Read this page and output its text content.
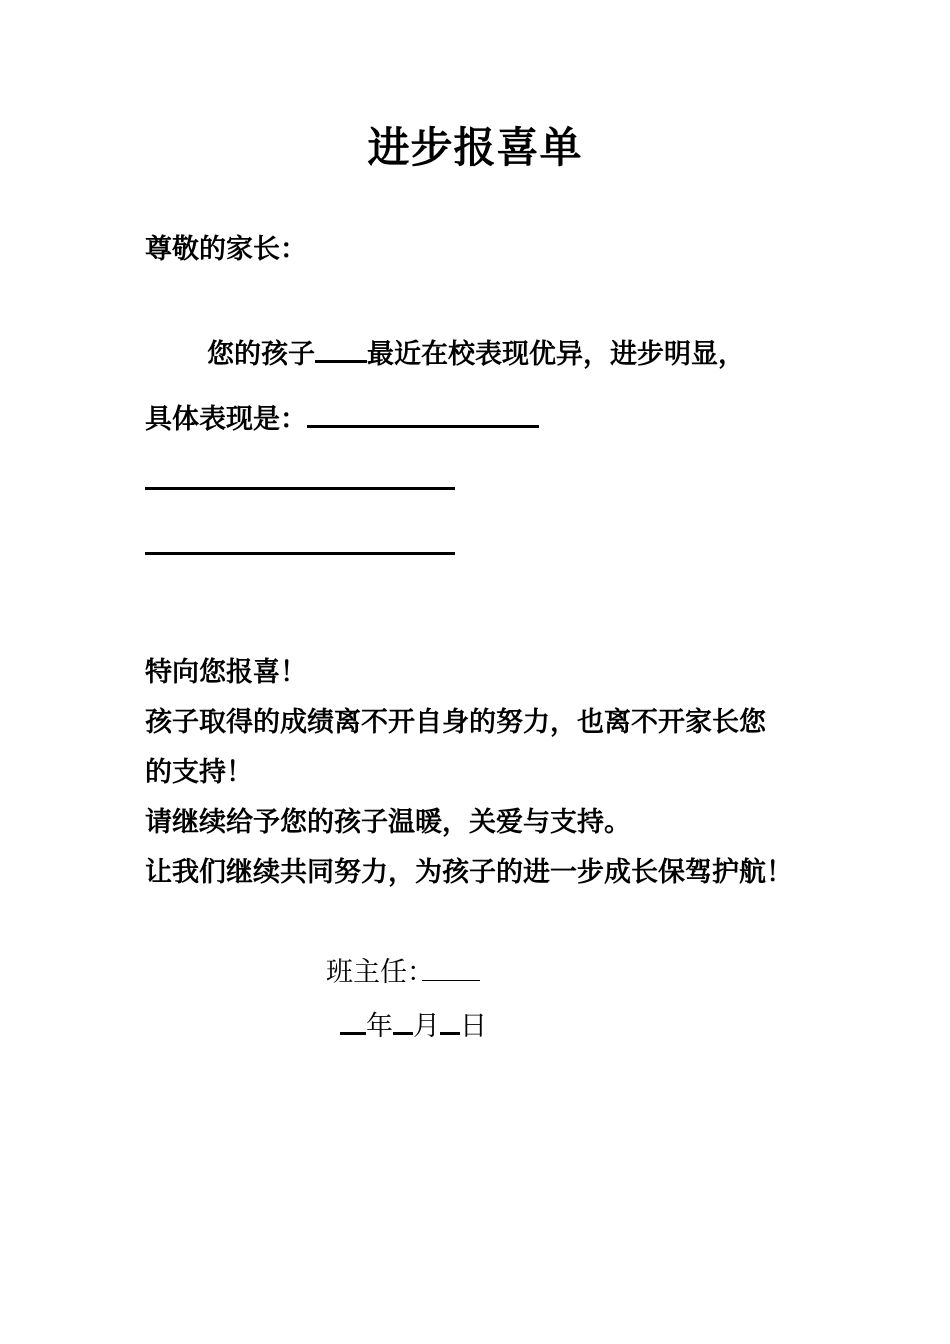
进步报喜单
尊敬的家长：
您的孩子 最近在校表现优异，进步明显，
具体表现是：
特向您报喜！
孩子取得的成绩离不开自身的努力，也离不开家长您
的支持！
请继续给予您的孩子温暖，关爱与支持。
让我们继续共同努力，为孩子的进一步成长保驾护航！
班主任：
年 月 日
